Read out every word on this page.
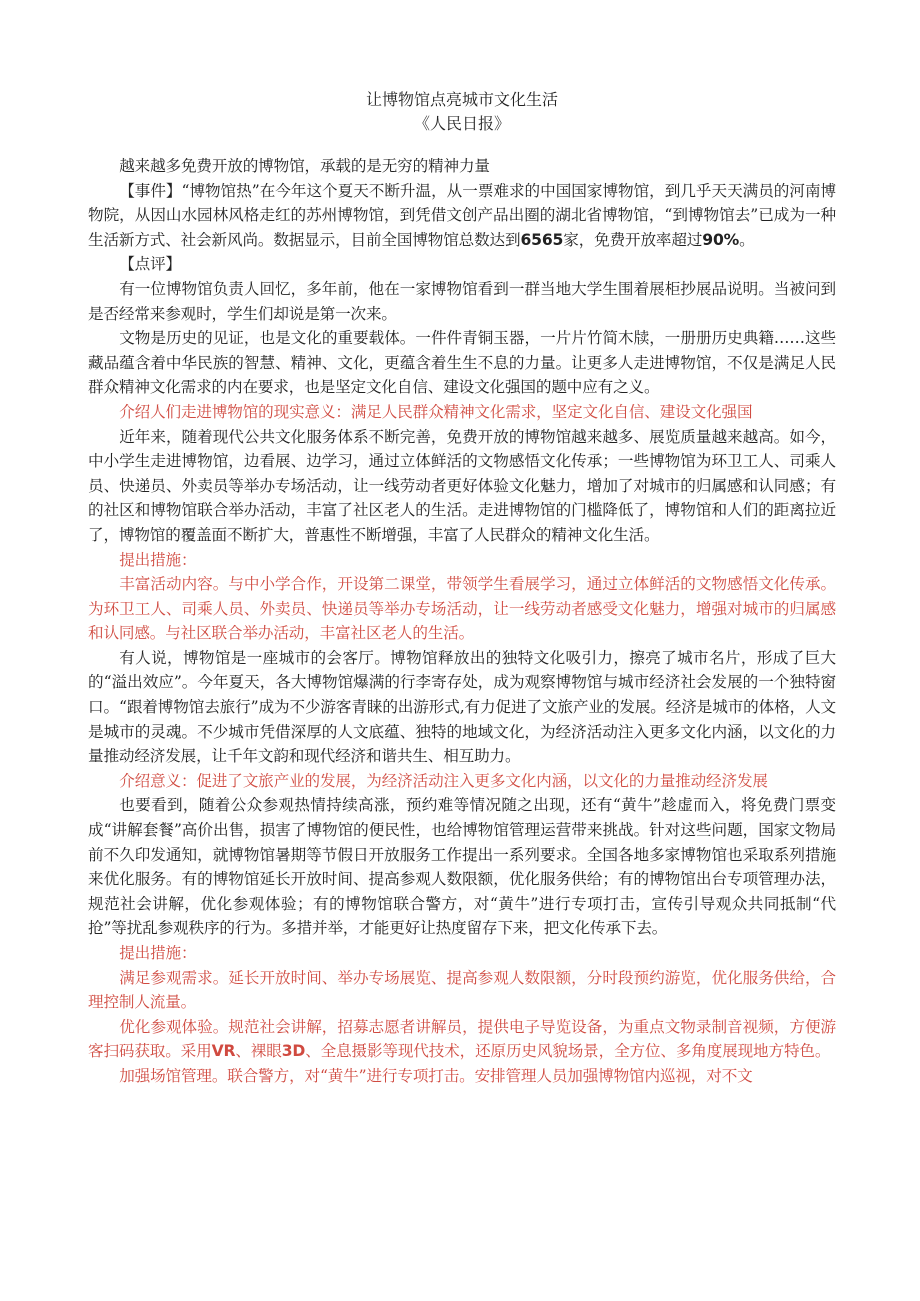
让博物馆点亮城市文化生活

《人民日报》

越来越多免费开放的博物馆，承载的是无穷的精神力量

【事件】“博物馆热”在今年这个夏天不断升温，从一票难求的中国国家博物馆，到几乎天天满员的河南博物院，从因山水园林风格走红的苏州博物馆，到凭借文创产品出圈的湖北省博物馆，“到博物馆去”已成为一种生活新方式、社会新风尚。数据显示，目前全国博物馆总数达到6565家，免费开放率超过90%。

【点评】

有一位博物馆负责人回忆，多年前，他在一家博物馆看到一群当地大学生围着展柜抄展品说明。当被问到是否经常来参观时，学生们却说是第一次来。

文物是历史的见证，也是文化的重要载体。一件件青铜玉器，一片片竹简木牍，一册册历史典籍……这些藏品蕴含着中华民族的智慧、精神、文化，更蕴含着生生不息的力量。让更多人走进博物馆，不仅是满足人民群众精神文化需求的内在要求，也是坚定文化自信、建设文化强国的题中应有之义。

介绍人们走进博物馆的现实意义：满足人民群众精神文化需求，坚定文化自信、建设文化强国

近年来，随着现代公共文化服务体系不断完善，免费开放的博物馆越来越多、展览质量越来越高。如今，中小学生走进博物馆，边看展、边学习，通过立体鲜活的文物感悟文化传承；一些博物馆为环卫工人、司乘人员、快递员、外卖员等举办专场活动，让一线劳动者更好体验文化魅力，增加了对城市的归属感和认同感；有的社区和博物馆联合举办活动，丰富了社区老人的生活。走进博物馆的门槛降低了，博物馆和人们的距离拉近了，博物馆的覆盖面不断扩大，普惠性不断增强，丰富了人民群众的精神文化生活。

提出措施：

丰富活动内容。与中小学合作，开设第二课堂，带领学生看展学习，通过立体鲜活的文物感悟文化传承。为环卫工人、司乘人员、外卖员、快递员等举办专场活动，让一线劳动者感受文化魅力，增强对城市的归属感和认同感。与社区联合举办活动，丰富社区老人的生活。

有人说，博物馆是一座城市的会客厅。博物馆释放出的独特文化吸引力，擦亮了城市名片，形成了巨大的“溢出效应”。今年夏天，各大博物馆爆满的行李寄存处，成为观察博物馆与城市经济社会发展的一个独特窗口。“跟着博物馆去旅行”成为不少游客青睐的出游形式,有力促进了文旅产业的发展。经济是城市的体格，人文是城市的灵魂。不少城市凭借深厚的人文底蕴、独特的地域文化，为经济活动注入更多文化内涵，以文化的力量推动经济发展，让千年文韵和现代经济和谐共生、相互助力。

介绍意义：促进了文旅产业的发展，为经济活动注入更多文化内涵，以文化的力量推动经济发展

也要看到，随着公众参观热情持续高涨，预约难等情况随之出现，还有“黄牛”趁虚而入，将免费门票变成“讲解套餐”高价出售，损害了博物馆的便民性，也给博物馆管理运营带来挑战。针对这些问题，国家文物局前不久印发通知，就博物馆暑期等节假日开放服务工作提出一系列要求。全国各地多家博物馆也采取系列措施来优化服务。有的博物馆延长开放时间、提高参观人数限额，优化服务供给；有的博物馆出台专项管理办法，规范社会讲解，优化参观体验；有的博物馆联合警方，对“黄牛”进行专项打击，宣传引导观众共同抵制“代抢”等扰乱参观秩序的行为。多措并举，才能更好让热度留存下来，把文化传承下去。

提出措施：

满足参观需求。延长开放时间、举办专场展览、提高参观人数限额，分时段预约游览，优化服务供给，合理控制人流量。

优化参观体验。规范社会讲解，招募志愿者讲解员，提供电子导览设备，为重点文物录制音视频，方便游客扫码获取。采用VR、裸眼3D、全息摄影等现代技术，还原历史风貌场景，全方位、多角度展现地方特色。

加强场馆管理。联合警方，对“黄牛”进行专项打击。安排管理人员加强博物馆内巡视，对不文
